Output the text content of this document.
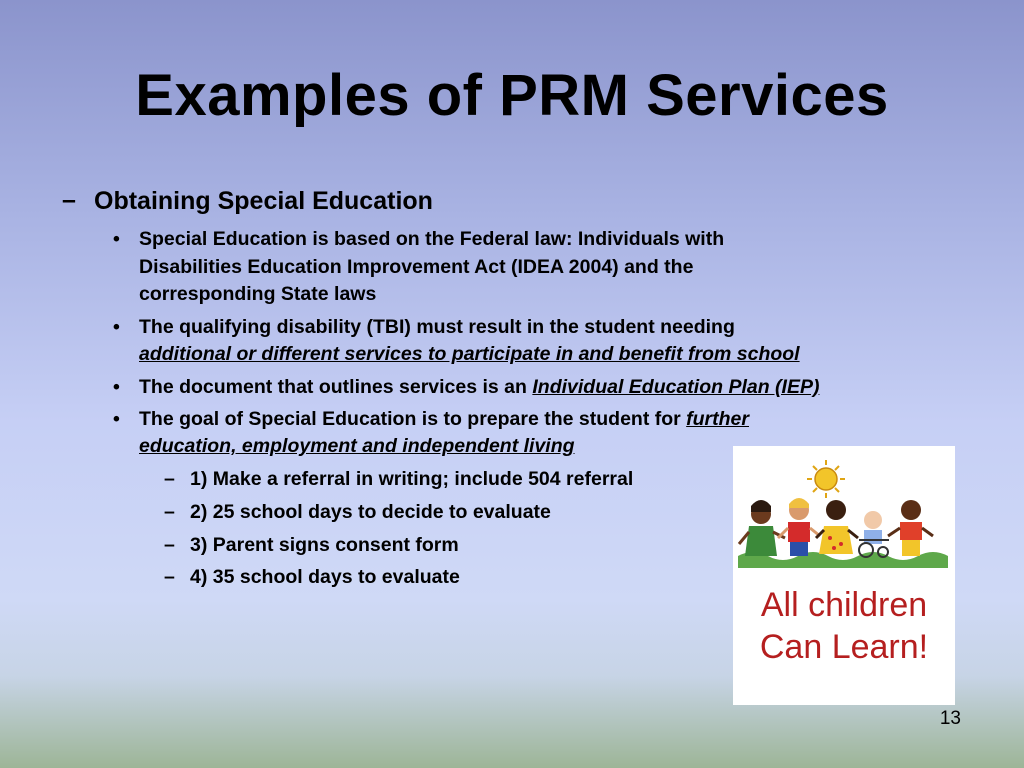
Examples of PRM Services
– Obtaining Special Education
• Special Education is based on the Federal law: Individuals with
Disabilities Education Improvement Act (IDEA 2004) and the
corresponding State laws
• The qualifying disability (TBI) must result in the student needing
additional or different services to participate in and benefit from school
• The document that outlines services is an Individual Education Plan (IEP)
• The goal of Special Education is to prepare the student for further
education, employment and independent living
– 1) Make a referral in writing; include 504 referral
– 2) 25 school days to decide to evaluate
– 3) Parent signs consent form
– 4) 35 school days to evaluate
All children
Can Learn!
13
